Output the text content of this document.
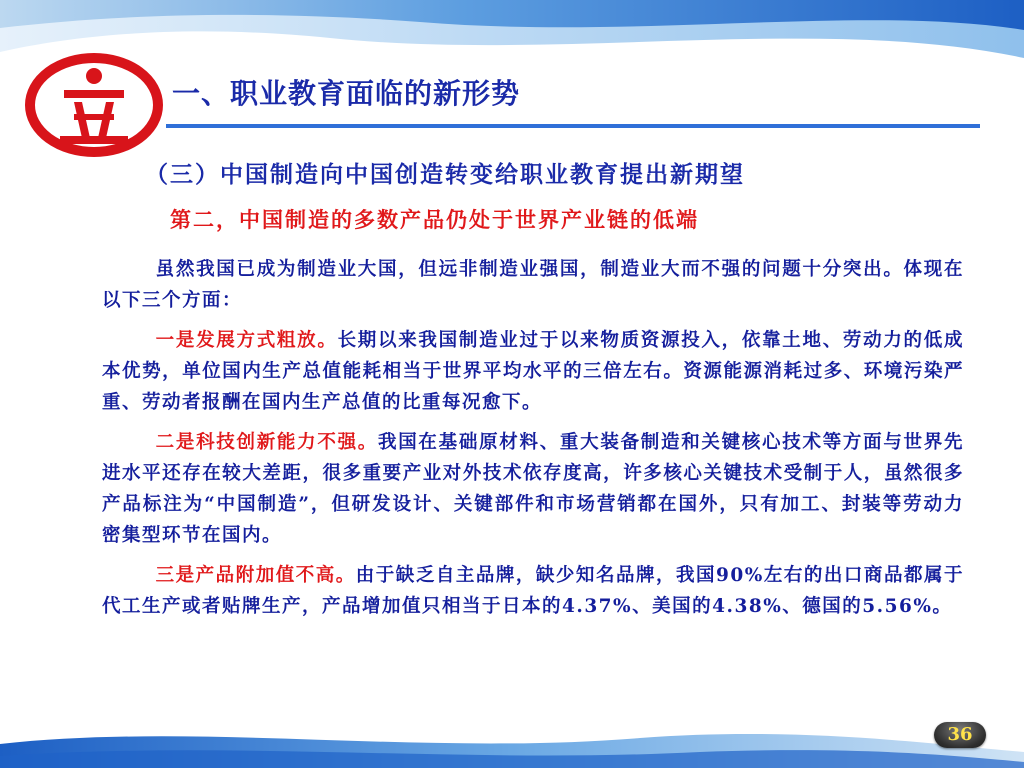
一、职业教育面临的新形势
（三）中国制造向中国创造转变给职业教育提出新期望
第二，中国制造的多数产品仍处于世界产业链的低端

虽然我国已成为制造业大国，但远非制造业强国，制造业大而不强的问题十分突出。体现在以下三个方面：

一是发展方式粗放。长期以来我国制造业过于以来物质资源投入，依靠土地、劳动力的低成本优势，单位国内生产总值能耗相当于世界平均水平的三倍左右。资源能源消耗过多、环境污染严重、劳动者报酬在国内生产总值的比重每况愈下。

二是科技创新能力不强。我国在基础原材料、重大装备制造和关键核心技术等方面与世界先进水平还存在较大差距，很多重要产业对外技术依存度高，许多核心关键技术受制于人，虽然很多产品标注为“中国制造”，但研发设计、关键部件和市场营销都在国外，只有加工、封装等劳动力密集型环节在国内。

三是产品附加值不高。由于缺乏自主品牌，缺少知名品牌，我国90%左右的出口商品都属于代工生产或者贴牌生产，产品增加值只相当于日本的4.37%、美国的4.38%、德国的5.56%。

36
